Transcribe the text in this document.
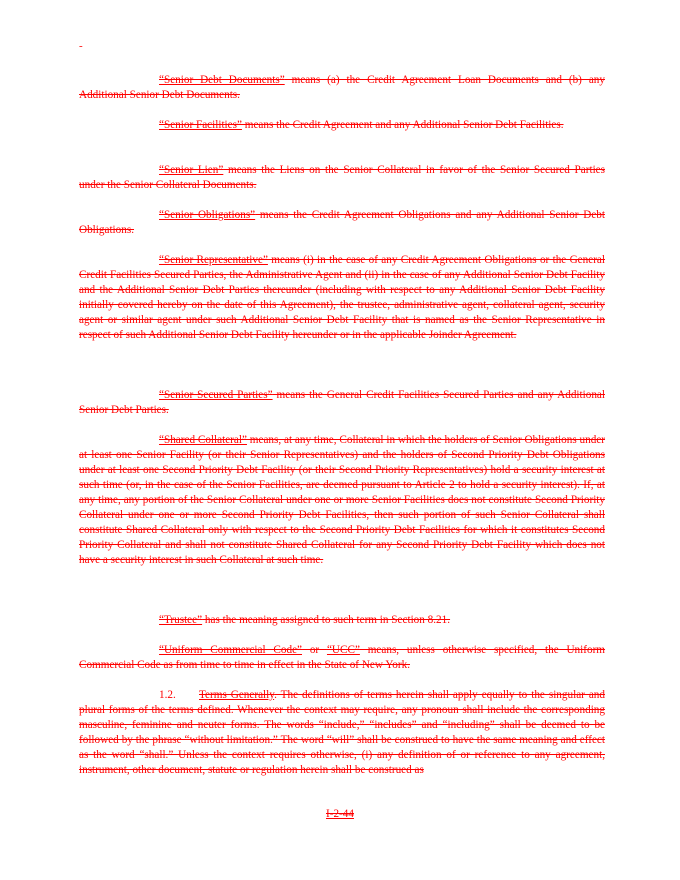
-

“Senior Debt Documents” means (a) the Credit Agreement Loan Documents and (b) any Additional Senior Debt Documents.

“Senior Facilities” means the Credit Agreement and any Additional Senior Debt Facilities.

“Senior Lien” means the Liens on the Senior Collateral in favor of the Senior Secured Parties under the Senior Collateral Documents.

“Senior Obligations” means the Credit Agreement Obligations and any Additional Senior Debt Obligations.

“Senior Representative” means (i) in the case of any Credit Agreement Obligations or the General Credit Facilities Secured Parties, the Administrative Agent and (ii) in the case of any Additional Senior Debt Facility and the Additional Senior Debt Parties thereunder (including with respect to any Additional Senior Debt Facility initially covered hereby on the date of this Agreement), the trustee, administrative agent, collateral agent, security agent or similar agent under such Additional Senior Debt Facility that is named as the Senior Representative in respect of such Additional Senior Debt Facility hereunder or in the applicable Joinder Agreement.

“Senior Secured Parties” means the General Credit Facilities Secured Parties and any Additional Senior Debt Parties.

“Shared Collateral” means, at any time, Collateral in which the holders of Senior Obligations under at least one Senior Facility (or their Senior Representatives) and the holders of Second Priority Debt Obligations under at least one Second Priority Debt Facility (or their Second Priority Representatives) hold a security interest at such time (or, in the case of the Senior Facilities, are deemed pursuant to Article 2 to hold a security interest). If, at any time, any portion of the Senior Collateral under one or more Senior Facilities does not constitute Second Priority Collateral under one or more Second Priority Debt Facilities, then such portion of such Senior Collateral shall constitute Shared Collateral only with respect to the Second Priority Debt Facilities for which it constitutes Second Priority Collateral and shall not constitute Shared Collateral for any Second Priority Debt Facility which does not have a security interest in such Collateral at such time.

“Trustee” has the meaning assigned to such term in Section 8.21.

“Uniform Commercial Code” or “UCC” means, unless otherwise specified, the Uniform Commercial Code as from time to time in effect in the State of New York.

1.2. Terms Generally. The definitions of terms herein shall apply equally to the singular and plural forms of the terms defined. Whenever the context may require, any pronoun shall include the corresponding masculine, feminine and neuter forms. The words “include,” “includes” and “including” shall be deemed to be followed by the phrase “without limitation.” The word “will” shall be construed to have the same meaning and effect as the word “shall.” Unless the context requires otherwise, (i) any definition of or reference to any agreement, instrument, other document, statute or regulation herein shall be construed as

I-2-44
